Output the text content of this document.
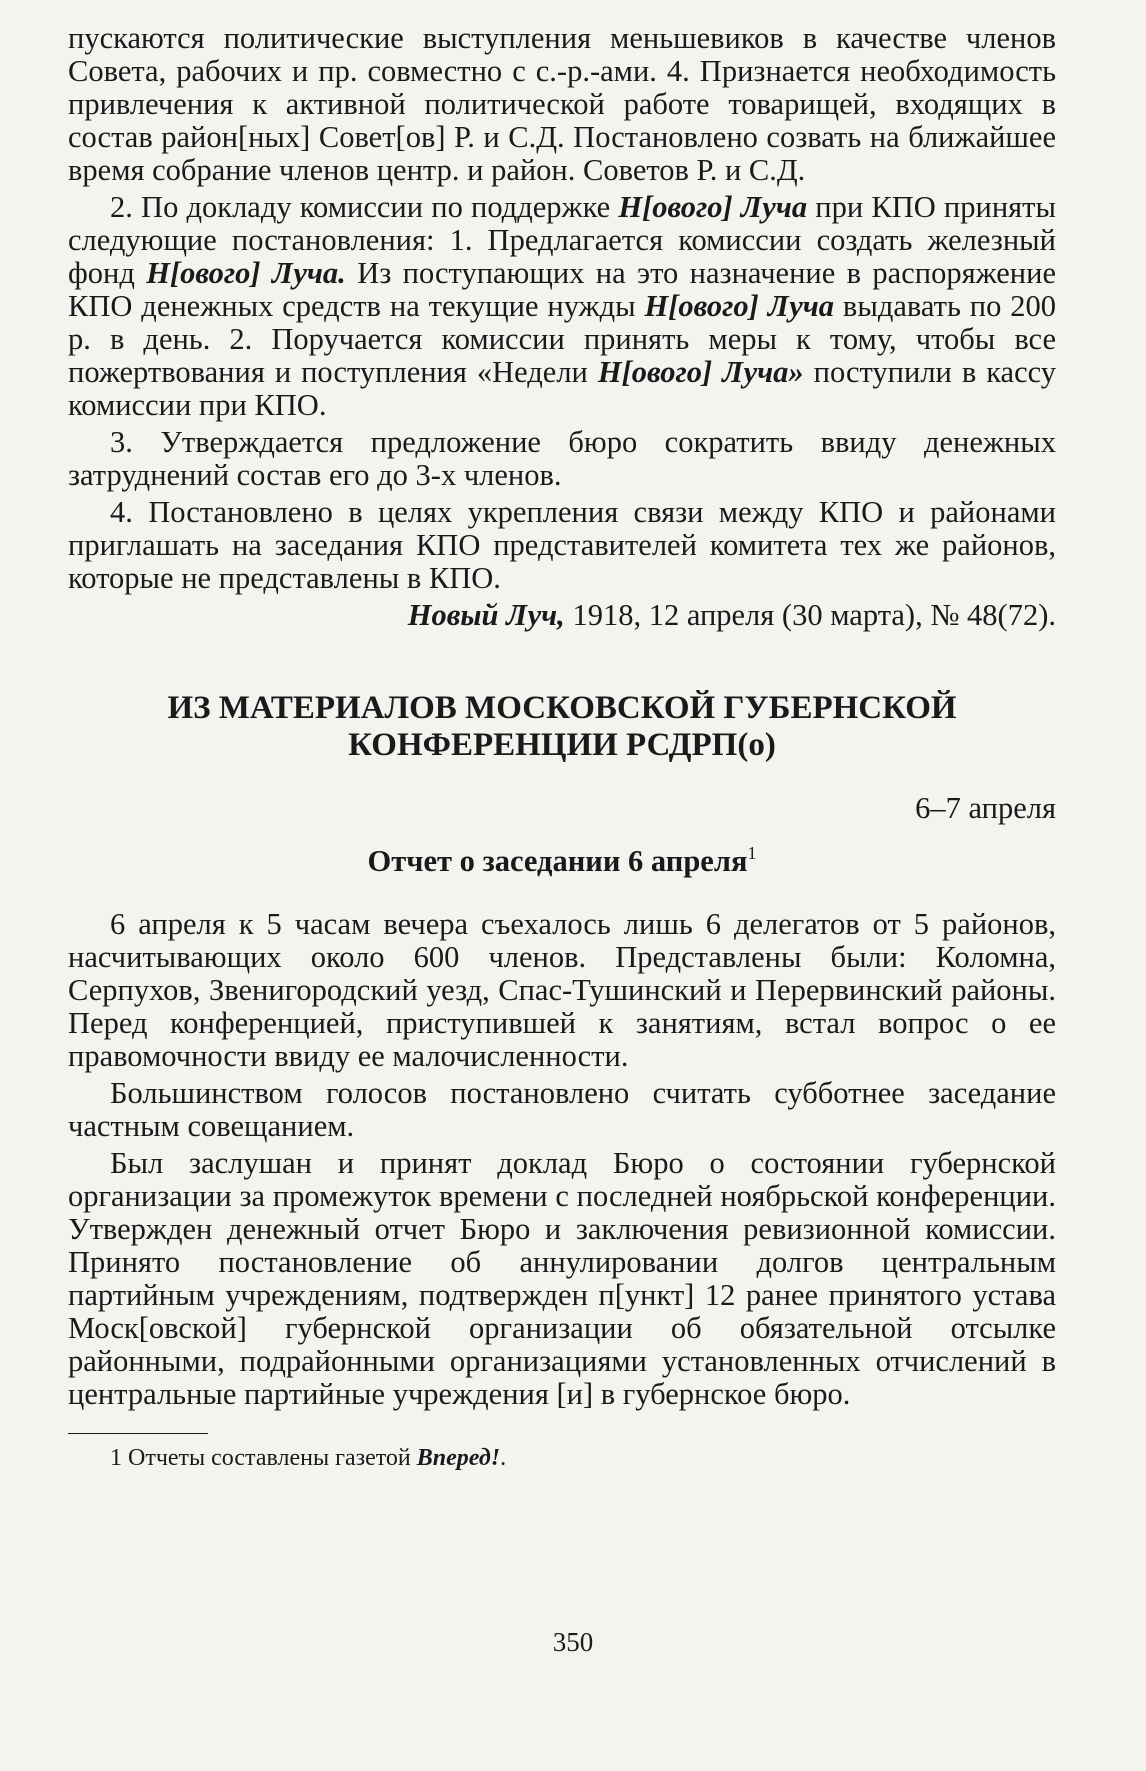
пускаются политические выступления меньшевиков в качестве членов Совета, рабочих и пр. совместно с с.-р.-ами. 4. Признается необходимость привлечения к активной политической работе товарищей, входящих в состав район[ных] Совет[ов] Р. и С.Д. Постановлено созвать на ближайшее время собрание членов центр. и район. Советов Р. и С.Д.

2. По докладу комиссии по поддержке Н[ового] Луча при КПО приняты следующие постановления: 1. Предлагается комиссии создать железный фонд Н[ового] Луча. Из поступающих на это назначение в распоряжение КПО денежных средств на текущие нужды Н[ового] Луча выдавать по 200 р. в день. 2. Поручается комиссии принять меры к тому, чтобы все пожертвования и поступления «Недели Н[ового] Луча» поступили в кассу комиссии при КПО.

3. Утверждается предложение бюро сократить ввиду денежных затруднений состав его до 3-х членов.

4. Постановлено в целях укрепления связи между КПО и районами приглашать на заседания КПО представителей комитета тех же районов, которые не представлены в КПО.

Новый Луч, 1918, 12 апреля (30 марта), № 48(72).

ИЗ МАТЕРИАЛОВ МОСКОВСКОЙ ГУБЕРНСКОЙ
КОНФЕРЕНЦИИ РСДРП(о)
6–7 апреля
Отчет о заседании 6 апреля$^1$

6 апреля к 5 часам вечера съехалось лишь 6 делегатов от 5 районов, насчитывающих около 600 членов. Представлены были: Коломна, Серпухов, Звенигородский уезд, Спас-Тушинский и Перервинский районы. Перед конференцией, приступившей к занятиям, встал вопрос о ее правомочности ввиду ее малочисленности.

Большинством голосов постановлено считать субботнее заседание частным совещанием.

Был заслушан и принят доклад Бюро о состоянии губернской организации за промежуток времени с последней ноябрьской конференции. Утвержден денежный отчет Бюро и заключения ревизионной комиссии. Принято постановление об аннулировании долгов центральным партийным учреждениям, подтвержден п[ункт] 12 ранее принятого устава Моск[овской] губернской организации об обязательной отсылке районными, подрайонными организациями установленных отчислений в центральные партийные учреждения [и] в губернское бюро.

1 Отчеты составлены газетой Вперед!.
350
